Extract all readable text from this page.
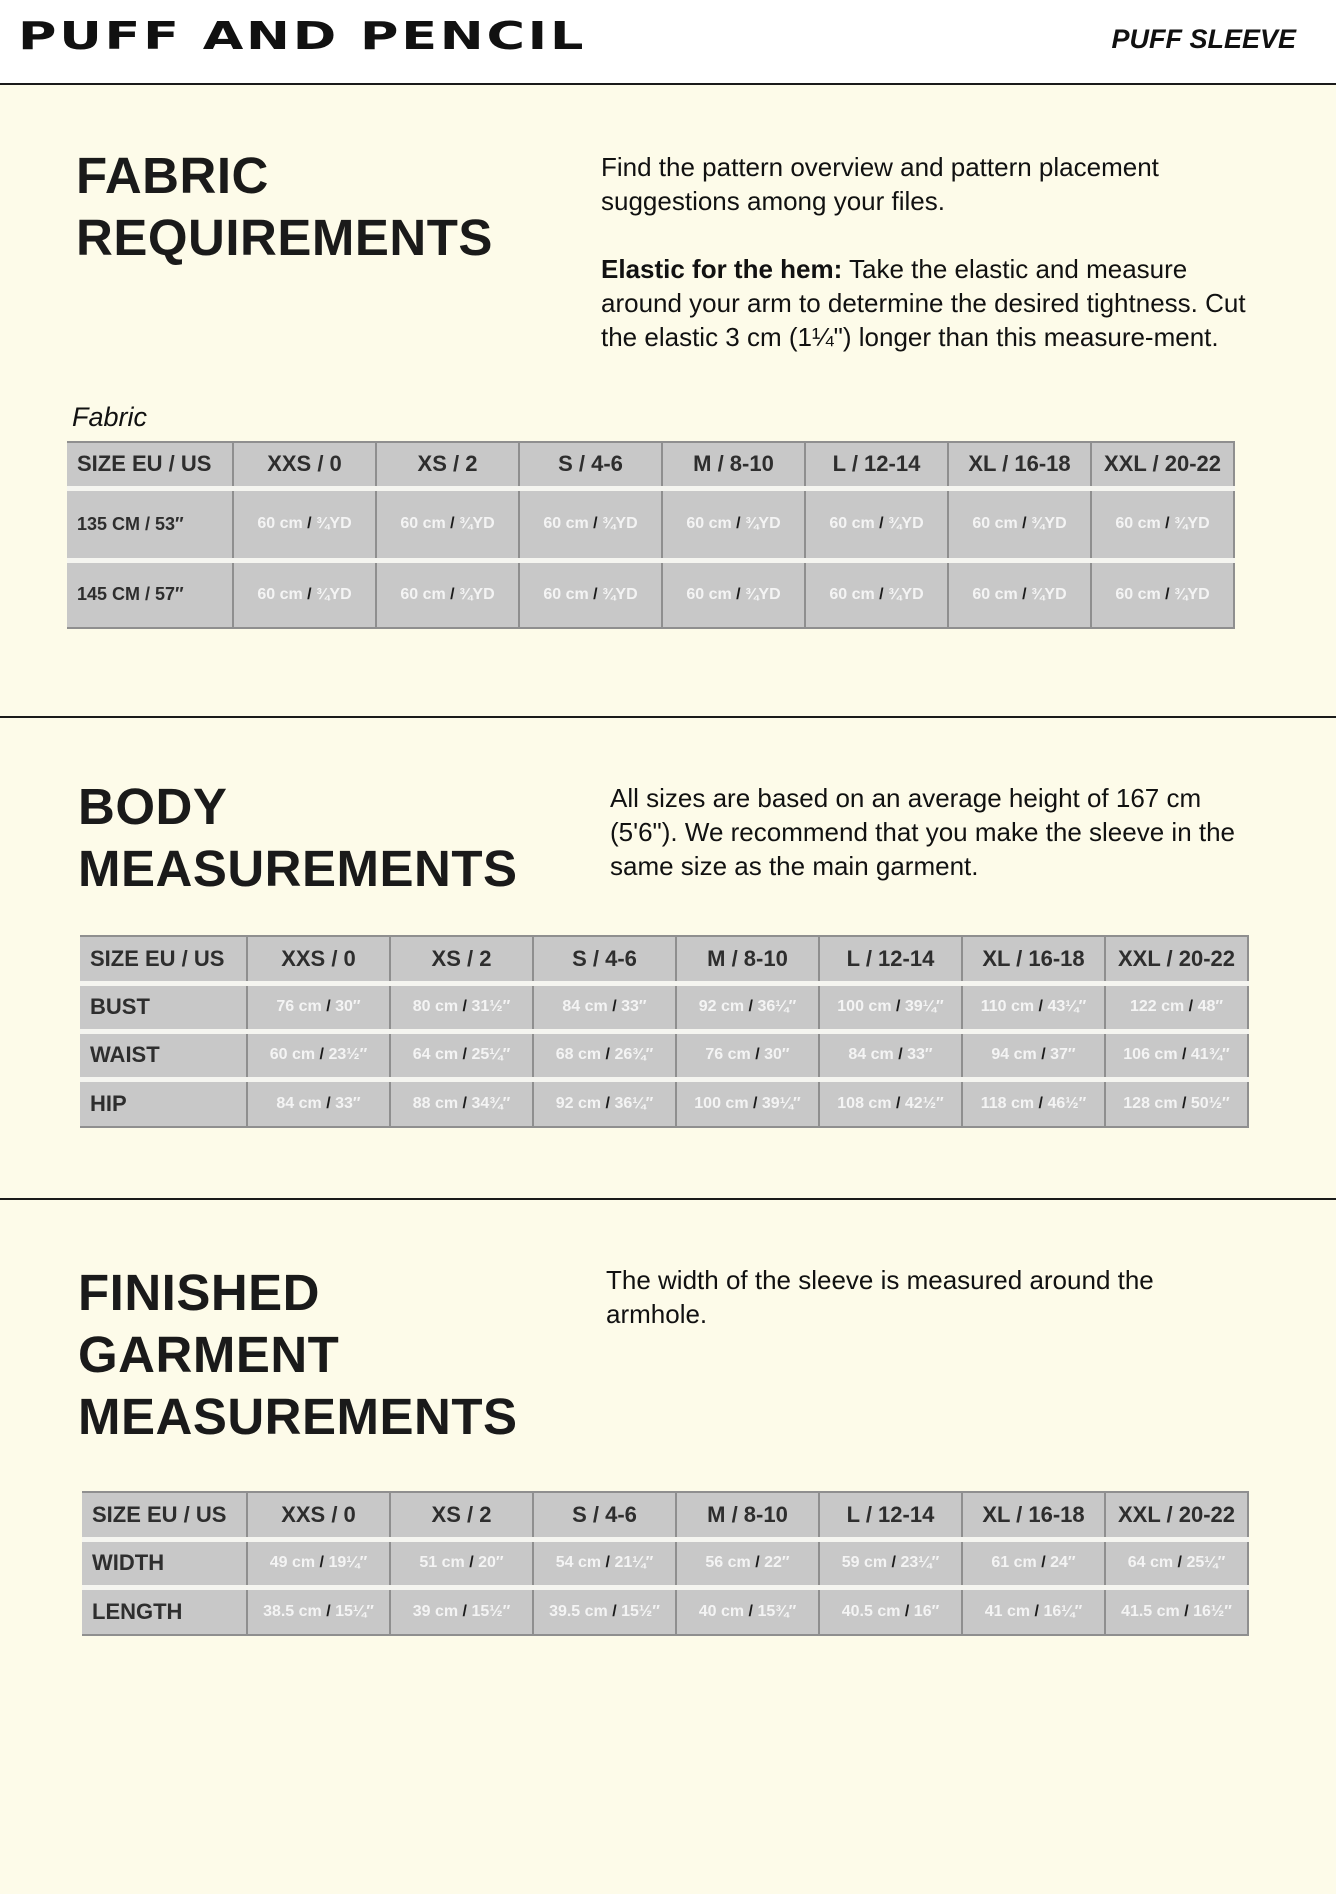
PUFF AND PENCIL	PUFF SLEEVE
FABRIC
REQUIREMENTS

Find the pattern overview and pattern placement suggestions among your files.

Elastic for the hem: Take the elastic and measure around your arm to determine the desired tightness. Cut the elastic 3 cm (1¼") longer than this measure-ment.

Fabric
SIZE EU / US	XXS / 0	XS / 2	S / 4-6	M / 8-10	L / 12-14	XL / 16-18	XXL / 20-22
135 CM / 53″	60 cm / ¾YD	60 cm / ¾YD	60 cm / ¾YD	60 cm / ¾YD	60 cm / ¾YD	60 cm / ¾YD	60 cm / ¾YD
145 CM / 57″	60 cm / ¾YD	60 cm / ¾YD	60 cm / ¾YD	60 cm / ¾YD	60 cm / ¾YD	60 cm / ¾YD	60 cm / ¾YD
BODY
MEASUREMENTS

All sizes are based on an average height of 167 cm (5'6"). We recommend that you make the sleeve in the same size as the main garment.

SIZE EU / US	XXS / 0	XS / 2	S / 4-6	M / 8-10	L / 12-14	XL / 16-18	XXL / 20-22
BUST	76 cm / 30″	80 cm / 31½″	84 cm / 33″	92 cm / 36¼″	100 cm / 39¼″	110 cm / 43¼″	122 cm / 48″
WAIST	60 cm / 23½″	64 cm / 25¼″	68 cm / 26¾″	76 cm / 30″	84 cm / 33″	94 cm / 37″	106 cm / 41¾″
HIP	84 cm / 33″	88 cm / 34¾″	92 cm / 36¼″	100 cm / 39¼″	108 cm / 42½″	118 cm / 46½″	128 cm / 50½″
FINISHED
GARMENT
MEASUREMENTS

The width of the sleeve is measured around the armhole.

SIZE EU / US	XXS / 0	XS / 2	S / 4-6	M / 8-10	L / 12-14	XL / 16-18	XXL / 20-22
WIDTH	49 cm / 19¼″	51 cm / 20″	54 cm / 21¼″	56 cm / 22″	59 cm / 23¼″	61 cm / 24″	64 cm / 25¼″
LENGTH	38.5 cm / 15¼″	39 cm / 15½″	39.5 cm / 15½″	40 cm / 15¾″	40.5 cm / 16″	41 cm / 16¼″	41.5 cm / 16½″
